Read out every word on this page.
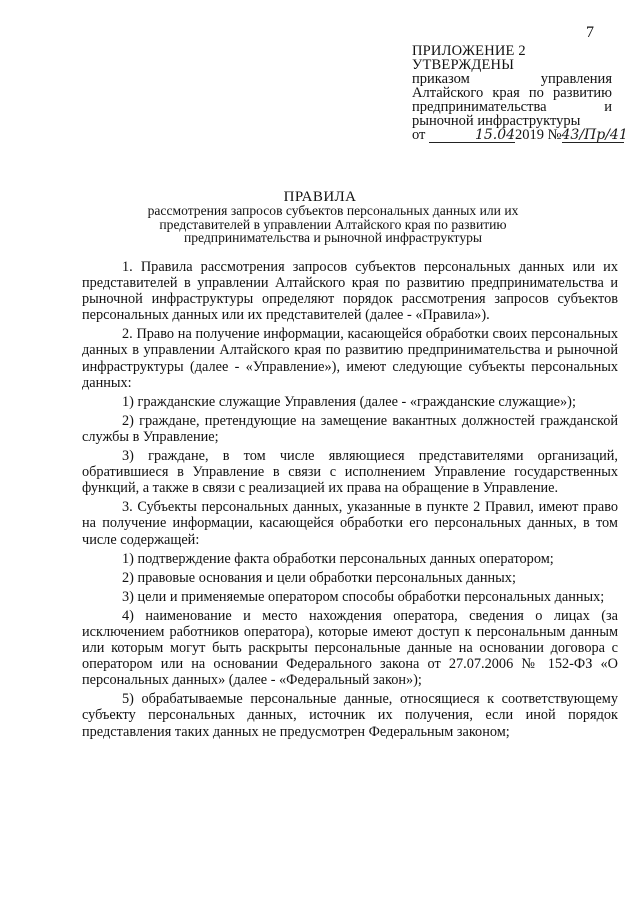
7
ПРИЛОЖЕНИЕ 2
УТВЕРЖДЕНЫ
приказом управления Алтайского края по развитию предпринимательства и рыночной инфраструктуры
от	15.042019 №43/Пр/41
ПРАВИЛА
рассмотрения запросов субъектов персональных данных или их представителей в управлении Алтайского края по развитию предпринимательства и рыночной инфраструктуры

1. Правила рассмотрения запросов субъектов персональных данных или их представителей в управлении Алтайского края по развитию предпринимательства и рыночной инфраструктуры определяют порядок рассмотрения запросов субъектов персональных данных или их представителей (далее - «Правила»).

2. Право на получение информации, касающейся обработки своих персональных данных в управлении Алтайского края по развитию предпринимательства и рыночной инфраструктуры (далее - «Управление»), имеют следующие субъекты персональных данных:

1) гражданские служащие Управления (далее - «гражданские служащие»);

2) граждане, претендующие на замещение вакантных должностей гражданской службы в Управление;

3) граждане, в том числе являющиеся представителями организаций, обратившиеся в Управление в связи с исполнением Управление государственных функций, а также в связи с реализацией их права на обращение в Управление.

3. Субъекты персональных данных, указанные в пункте 2 Правил, имеют право на получение информации, касающейся обработки его персональных данных, в том числе содержащей:

1) подтверждение факта обработки персональных данных оператором;

2) правовые основания и цели обработки персональных данных;

3) цели и применяемые оператором способы обработки персональных данных;

4) наименование и место нахождения оператора, сведения о лицах (за исключением работников оператора), которые имеют доступ к персональным данным или которым могут быть раскрыты персональные данные на основании договора с оператором или на основании Федерального закона от 27.07.2006 № 152-ФЗ «О персональных данных» (далее - «Федеральный закон»);

5) обрабатываемые персональные данные, относящиеся к соответствующему субъекту персональных данных, источник их получения, если иной порядок представления таких данных не предусмотрен Федеральным законом;
